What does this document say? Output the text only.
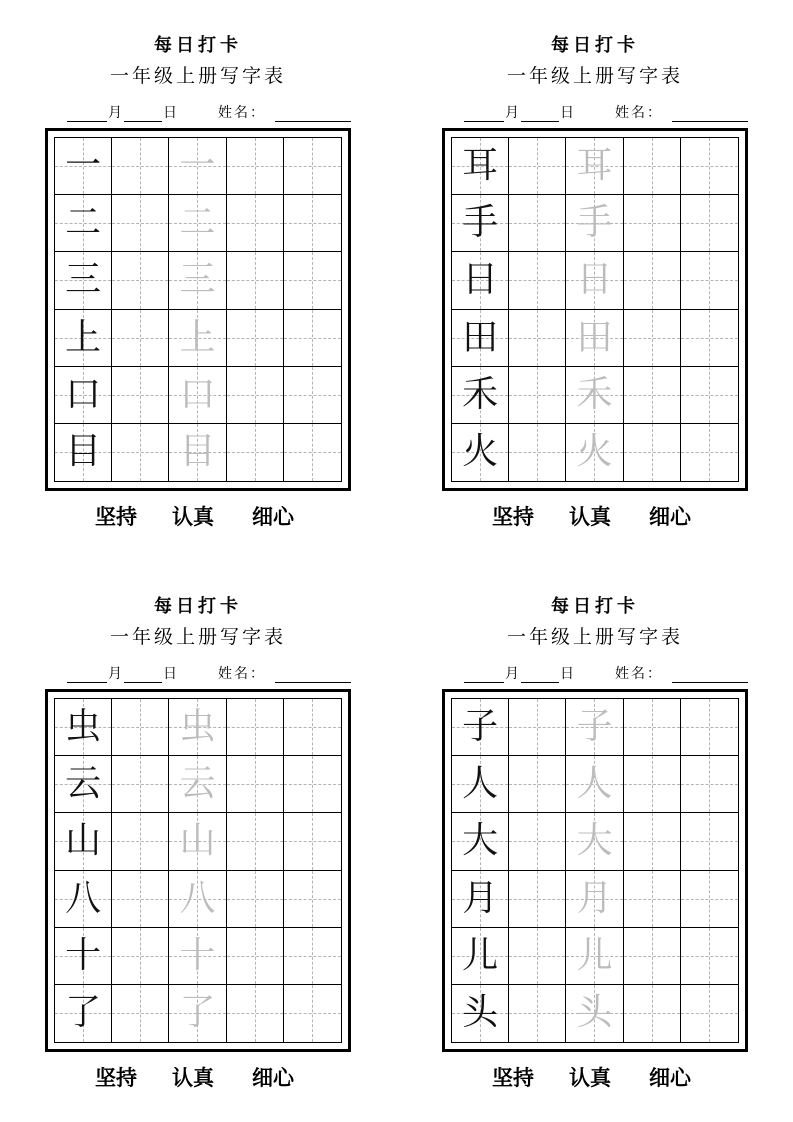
每日打卡
一年级上册写字表
月	日	姓名：
一 一
二 二
三 三
上 上
口 口
目 目
坚持 认真 细心
每日打卡
一年级上册写字表
月	日	姓名：
耳 耳
手 手
日 日
田 田
禾 禾
火 火
坚持 认真 细心
每日打卡
一年级上册写字表
月	日	姓名：
虫 虫
云 云
山 山
八 八
十 十
了 了
坚持 认真 细心
每日打卡
一年级上册写字表
月	日	姓名：
子 子
人 人
大 大
月 月
儿 儿
头 头
坚持 认真 细心
